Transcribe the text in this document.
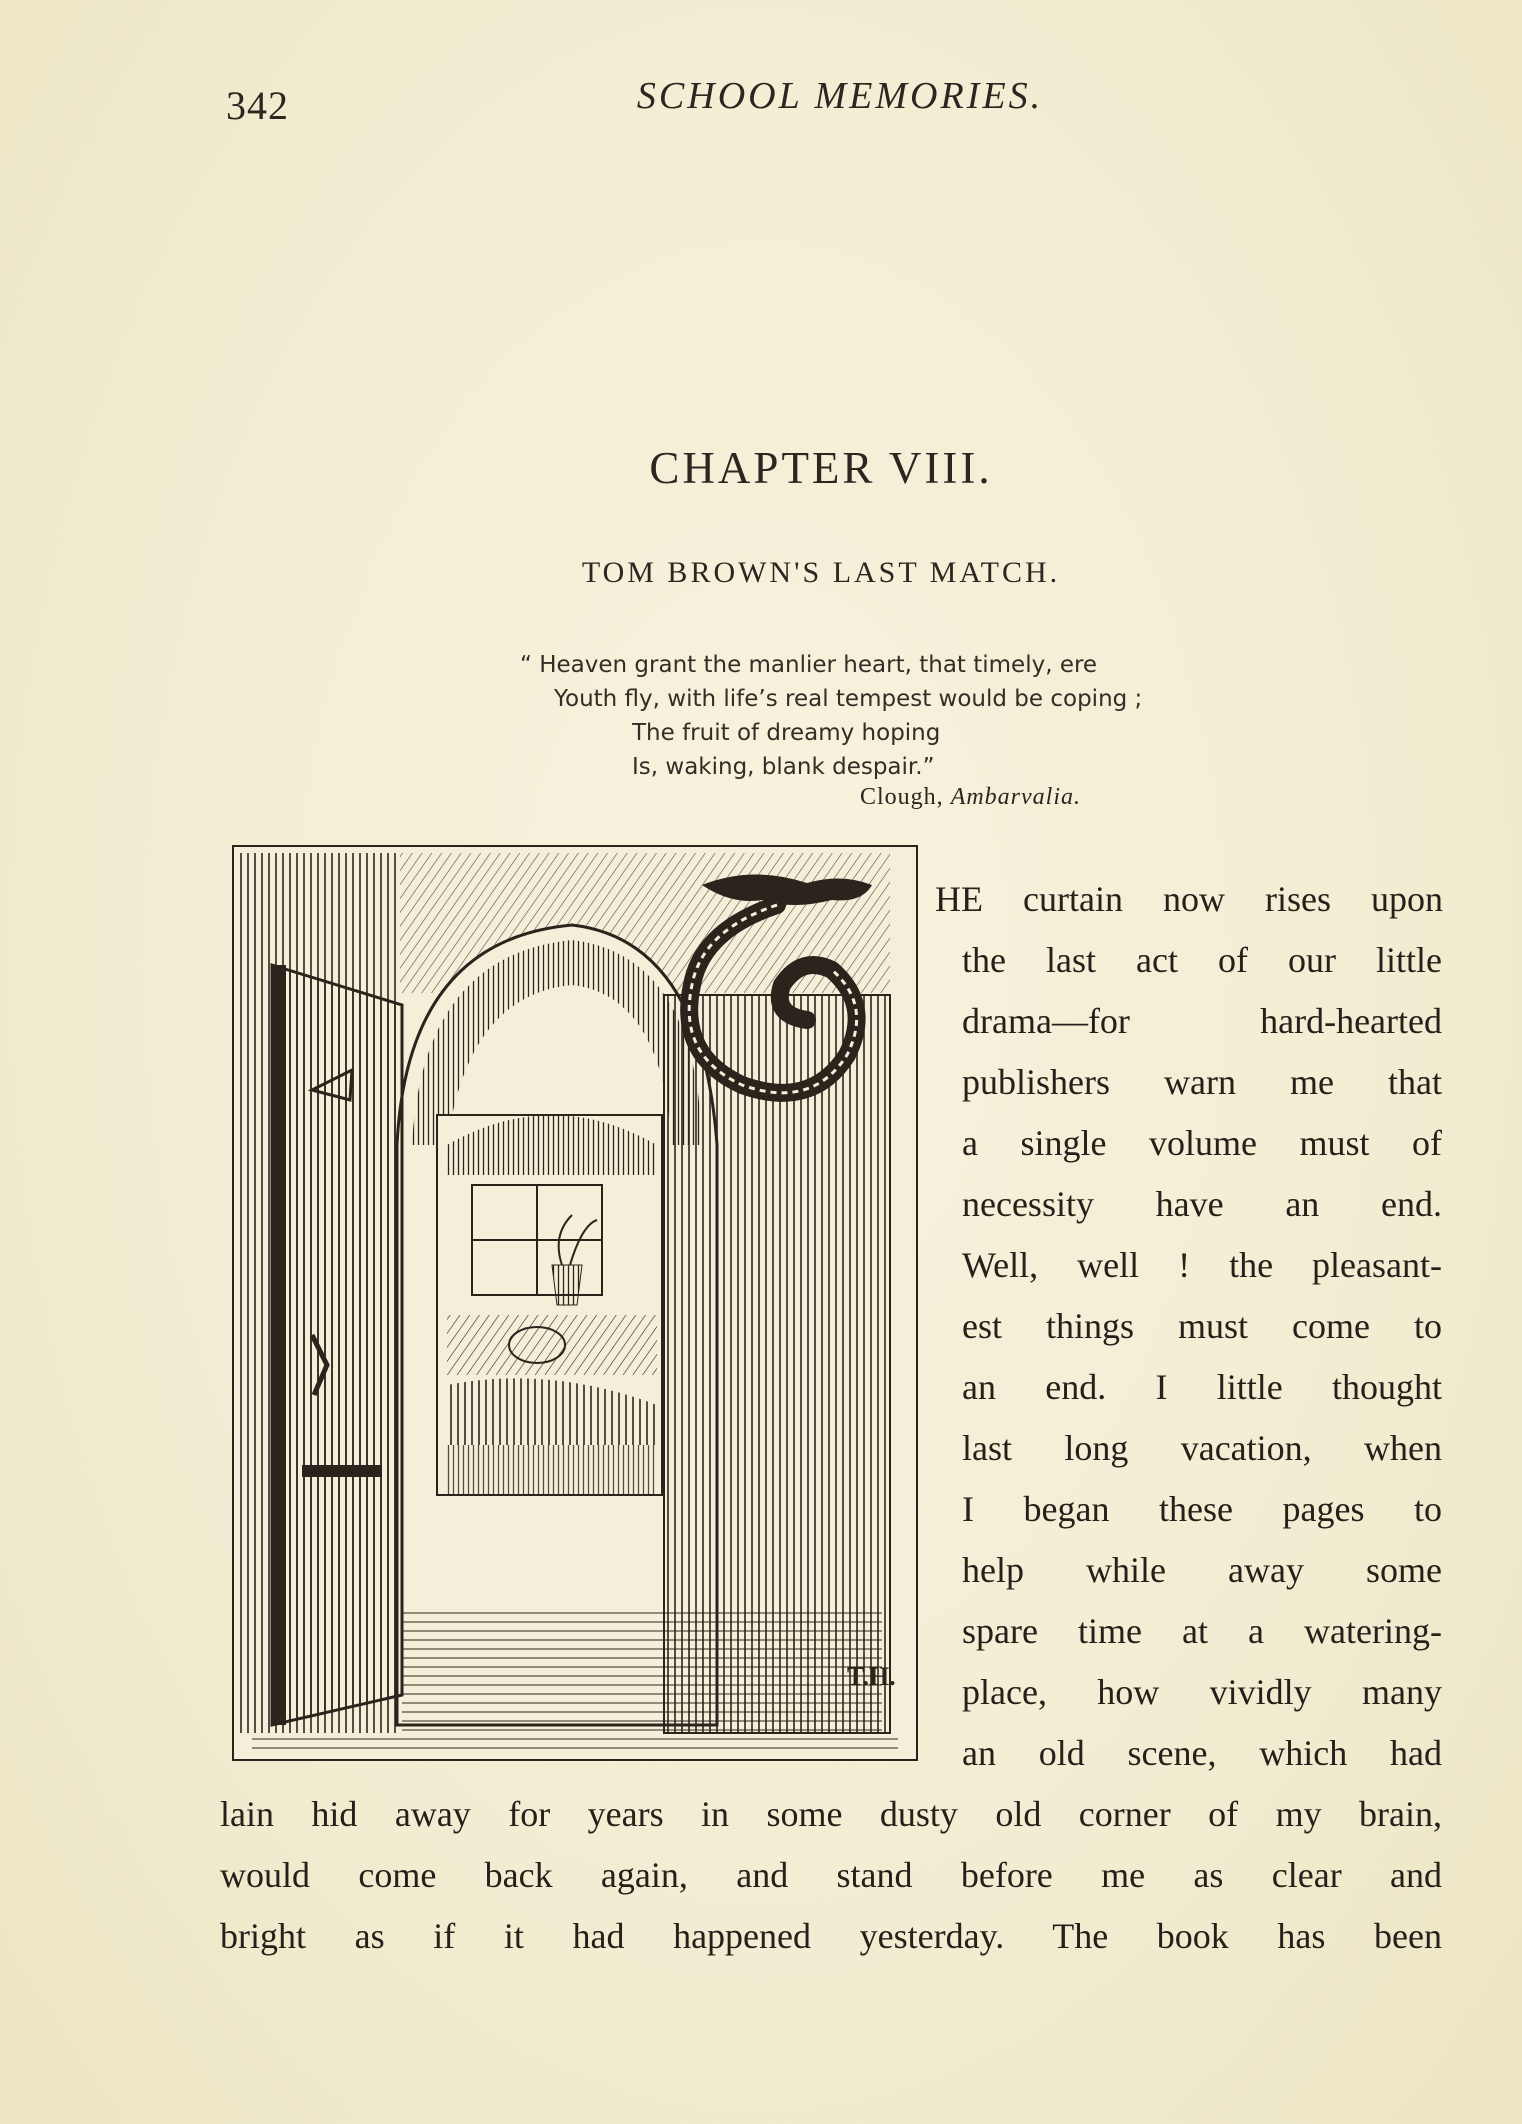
342	SCHOOL MEMORIES.
CHAPTER VIII.
TOM BROWN'S LAST MATCH.
“ Heaven grant the manlier heart, that timely, ere
Youth fly, with life’s real tempest would be coping ;
The fruit of dreamy hoping
Is, waking, blank despair.”
Clough, Ambarvalia.
T.H.
HE curtain now rises upon
the last act of our little
drama—for hard-hearted
publishers warn me that
a single volume must of
necessity have an end.
Well, well ! the pleasant-
est things must come to
an end. I little thought
last long vacation, when
I began these pages to
help while away some
spare time at a watering-
place, how vividly many
an old scene, which had
lain hid away for years in some dusty old corner of my brain,
would come back again, and stand before me as clear and
bright as if it had happened yesterday. The book has been
